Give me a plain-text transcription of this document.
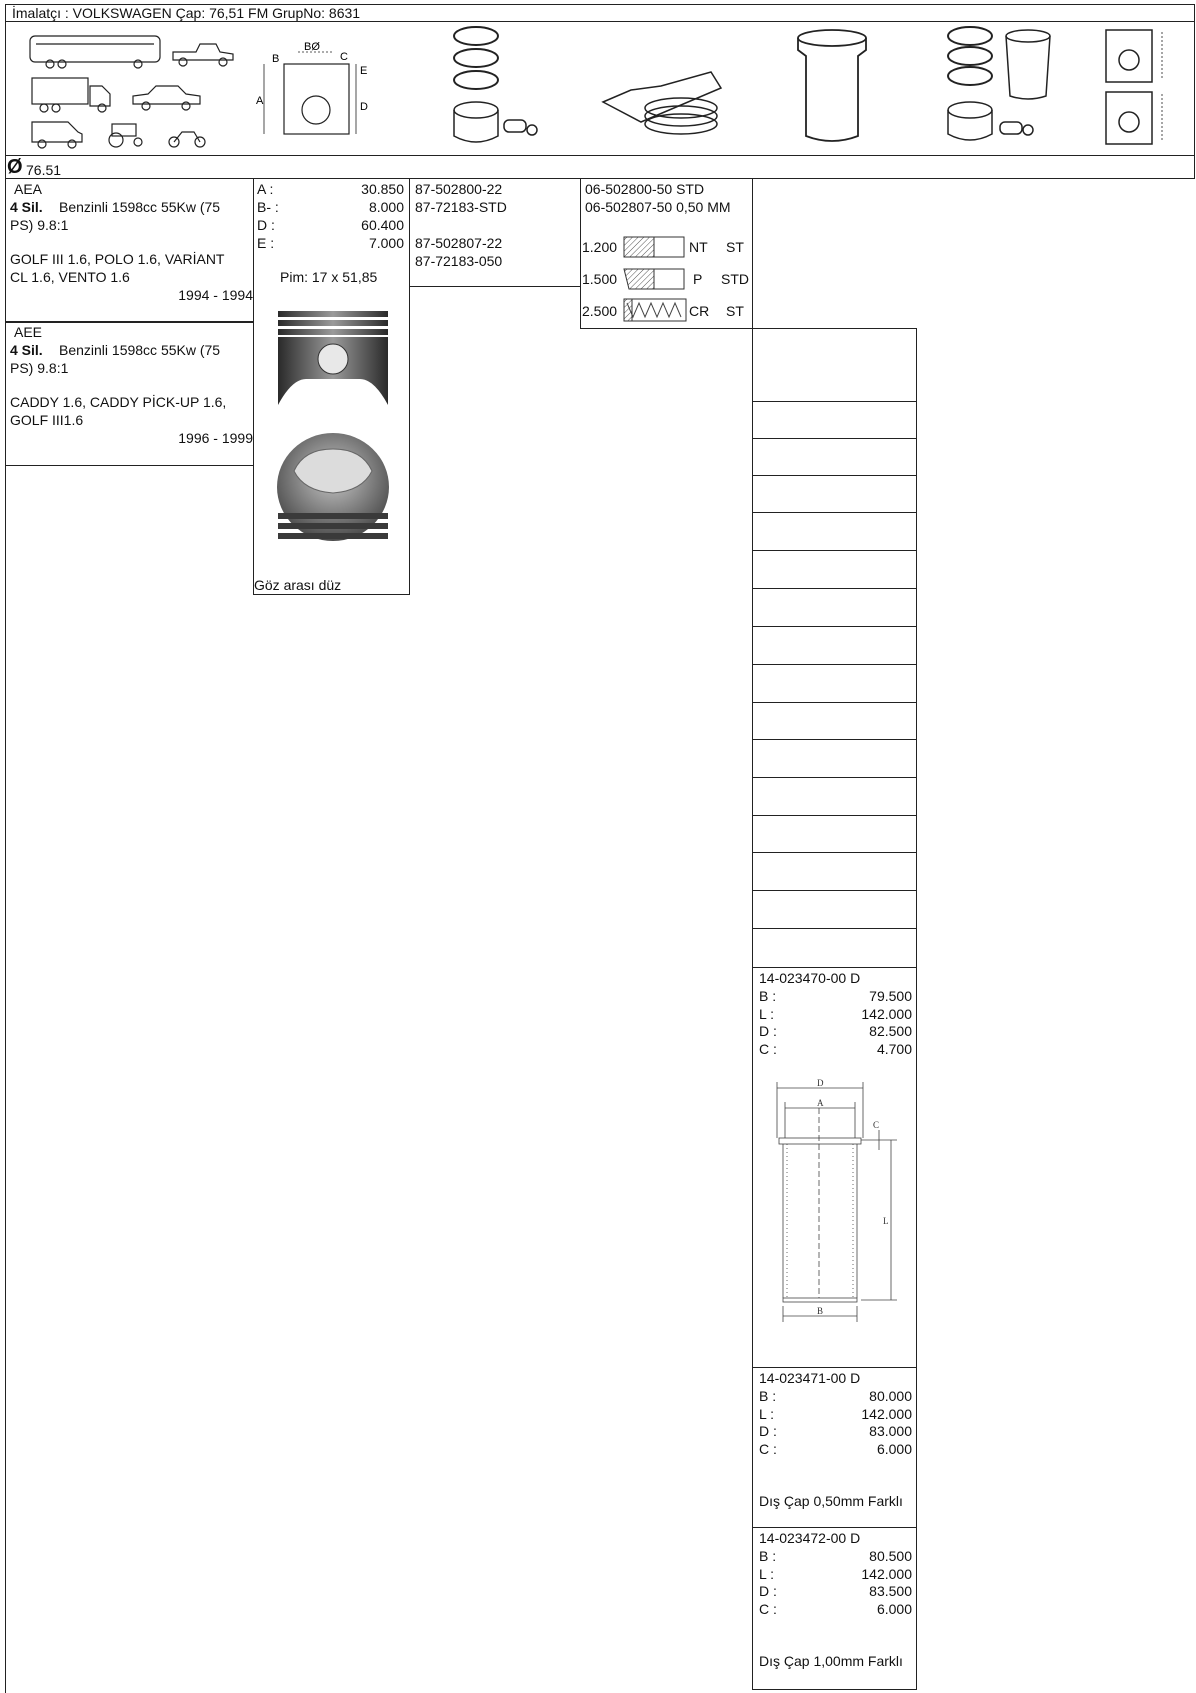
İmalatçı : VOLKSWAGEN Çap: 76,51 FM GrupNo: 8631
BØ
B	C
A
E
D
Ø 76.51
AEA
4 Sil. Benzinli 1598cc 55Kw (75
PS) 9.8:1
GOLF III 1.6, POLO 1.6, VARİANT
CL 1.6, VENTO 1.6
1994 - 1994
AEE
4 Sil. Benzinli 1598cc 55Kw (75
PS) 9.8:1
CADDY 1.6, CADDY PİCK-UP 1.6,
GOLF III1.6
1996 - 1999
A :	30.850
B- :	8.000
D :	60.400
E :	7.000
Pim: 17 x 51,85
Göz arası düz
87-502800-22
87-72183-STD
87-502807-22
87-72183-050
06-502800-50 STD
06-502807-50 0,50 MM
1.200	NT ST
1.500	P STD
2.500	CR ST
14-023470-00 D
B :	79.500
L :	142.000
D :	82.500
C :	4.700
D
A
C
L
B
14-023471-00 D
B :	80.000
L :	142.000
D :	83.000
C :	6.000
Dış Çap 0,50mm Farklı
14-023472-00 D
B :	80.500
L :	142.000
D :	83.500
C :	6.000
Dış Çap 1,00mm Farklı
